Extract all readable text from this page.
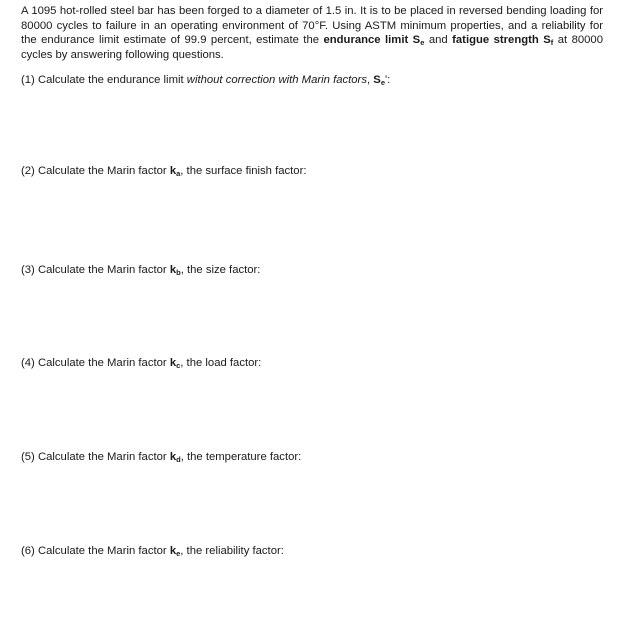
A 1095 hot-rolled steel bar has been forged to a diameter of 1.5 in. It is to be placed in reversed bending loading for 80000 cycles to failure in an operating environment of 70°F. Using ASTM minimum properties, and a reliability for the endurance limit estimate of 99.9 percent, estimate the endurance limit $S_e$ and fatigue strength $S_f$ at 80000 cycles by answering following questions.
(1) Calculate the endurance limit without correction with Marin factors, $S_e'$:
(2) Calculate the Marin factor $k_a$, the surface finish factor:
(3) Calculate the Marin factor $k_b$, the size factor:
(4) Calculate the Marin factor $k_c$, the load factor:
(5) Calculate the Marin factor $k_d$, the temperature factor:
(6) Calculate the Marin factor $k_e$, the reliability factor:
